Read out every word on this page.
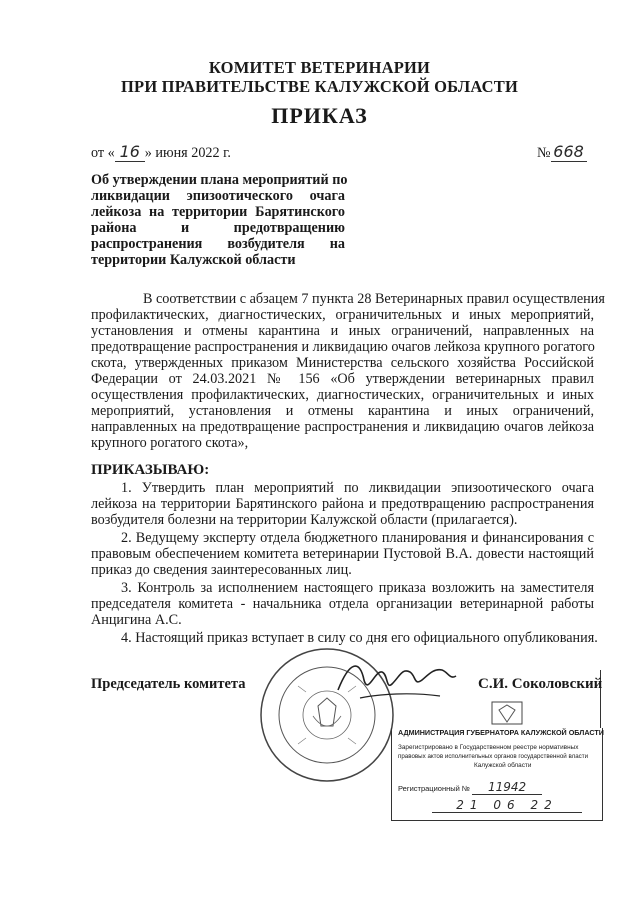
КОМИТЕТ ВЕТЕРИНАРИИ
ПРИ ПРАВИТЕЛЬСТВЕ КАЛУЖСКОЙ ОБЛАСТИ
ПРИКАЗ
от « 16 » июня 2022 г.	№ 668
Об утверждении плана мероприятий по
ликвидации эпизоотического очага
лейкоза на территории Барятинского
района и предотвращению
распространения возбудителя на
территории Калужской области
В соответствии с абзацем 7 пункта 28 Ветеринарных правил осуществления
профилактических, диагностических, ограничительных и иных мероприятий,
установления и отмены карантина и иных ограничений, направленных на
предотвращение распространения и ликвидацию очагов лейкоза крупного рогатого
скота, утвержденных приказом Министерства сельского хозяйства Российской
Федерации от 24.03.2021 № 156 «Об утверждении ветеринарных правил
осуществления профилактических, диагностических, ограничительных и иных
мероприятий, установления и отмены карантина и иных ограничений,
направленных на предотвращение распространения и ликвидацию очагов лейкоза
крупного рогатого скота»,
ПРИКАЗЫВАЮ:
1. Утвердить план мероприятий по ликвидации эпизоотического очага
лейкоза на территории Барятинского района и предотвращению распространения
возбудителя болезни на территории Калужской области (прилагается).
2. Ведущему эксперту отдела бюджетного планирования и финансирования с
правовым обеспечением комитета ветеринарии Пустовой В.А. довести настоящий
приказ до сведения заинтересованных лиц.
3. Контроль за исполнением настоящего приказа возложить на заместителя
председателя комитета - начальника отдела организации ветеринарной работы
Анцигина А.С.
4. Настоящий приказ вступает в силу со дня его официального опубликования.
Председатель комитета	С.И. Соколовский
АДМИНИСТРАЦИЯ ГУБЕРНАТОРА КАЛУЖСКОЙ ОБЛАСТИ
Зарегистрировано в Государственном реестре нормативных
правовых актов исполнительных органов государственной власти
Калужской области
Регистрационный № 11942
21 06 22
